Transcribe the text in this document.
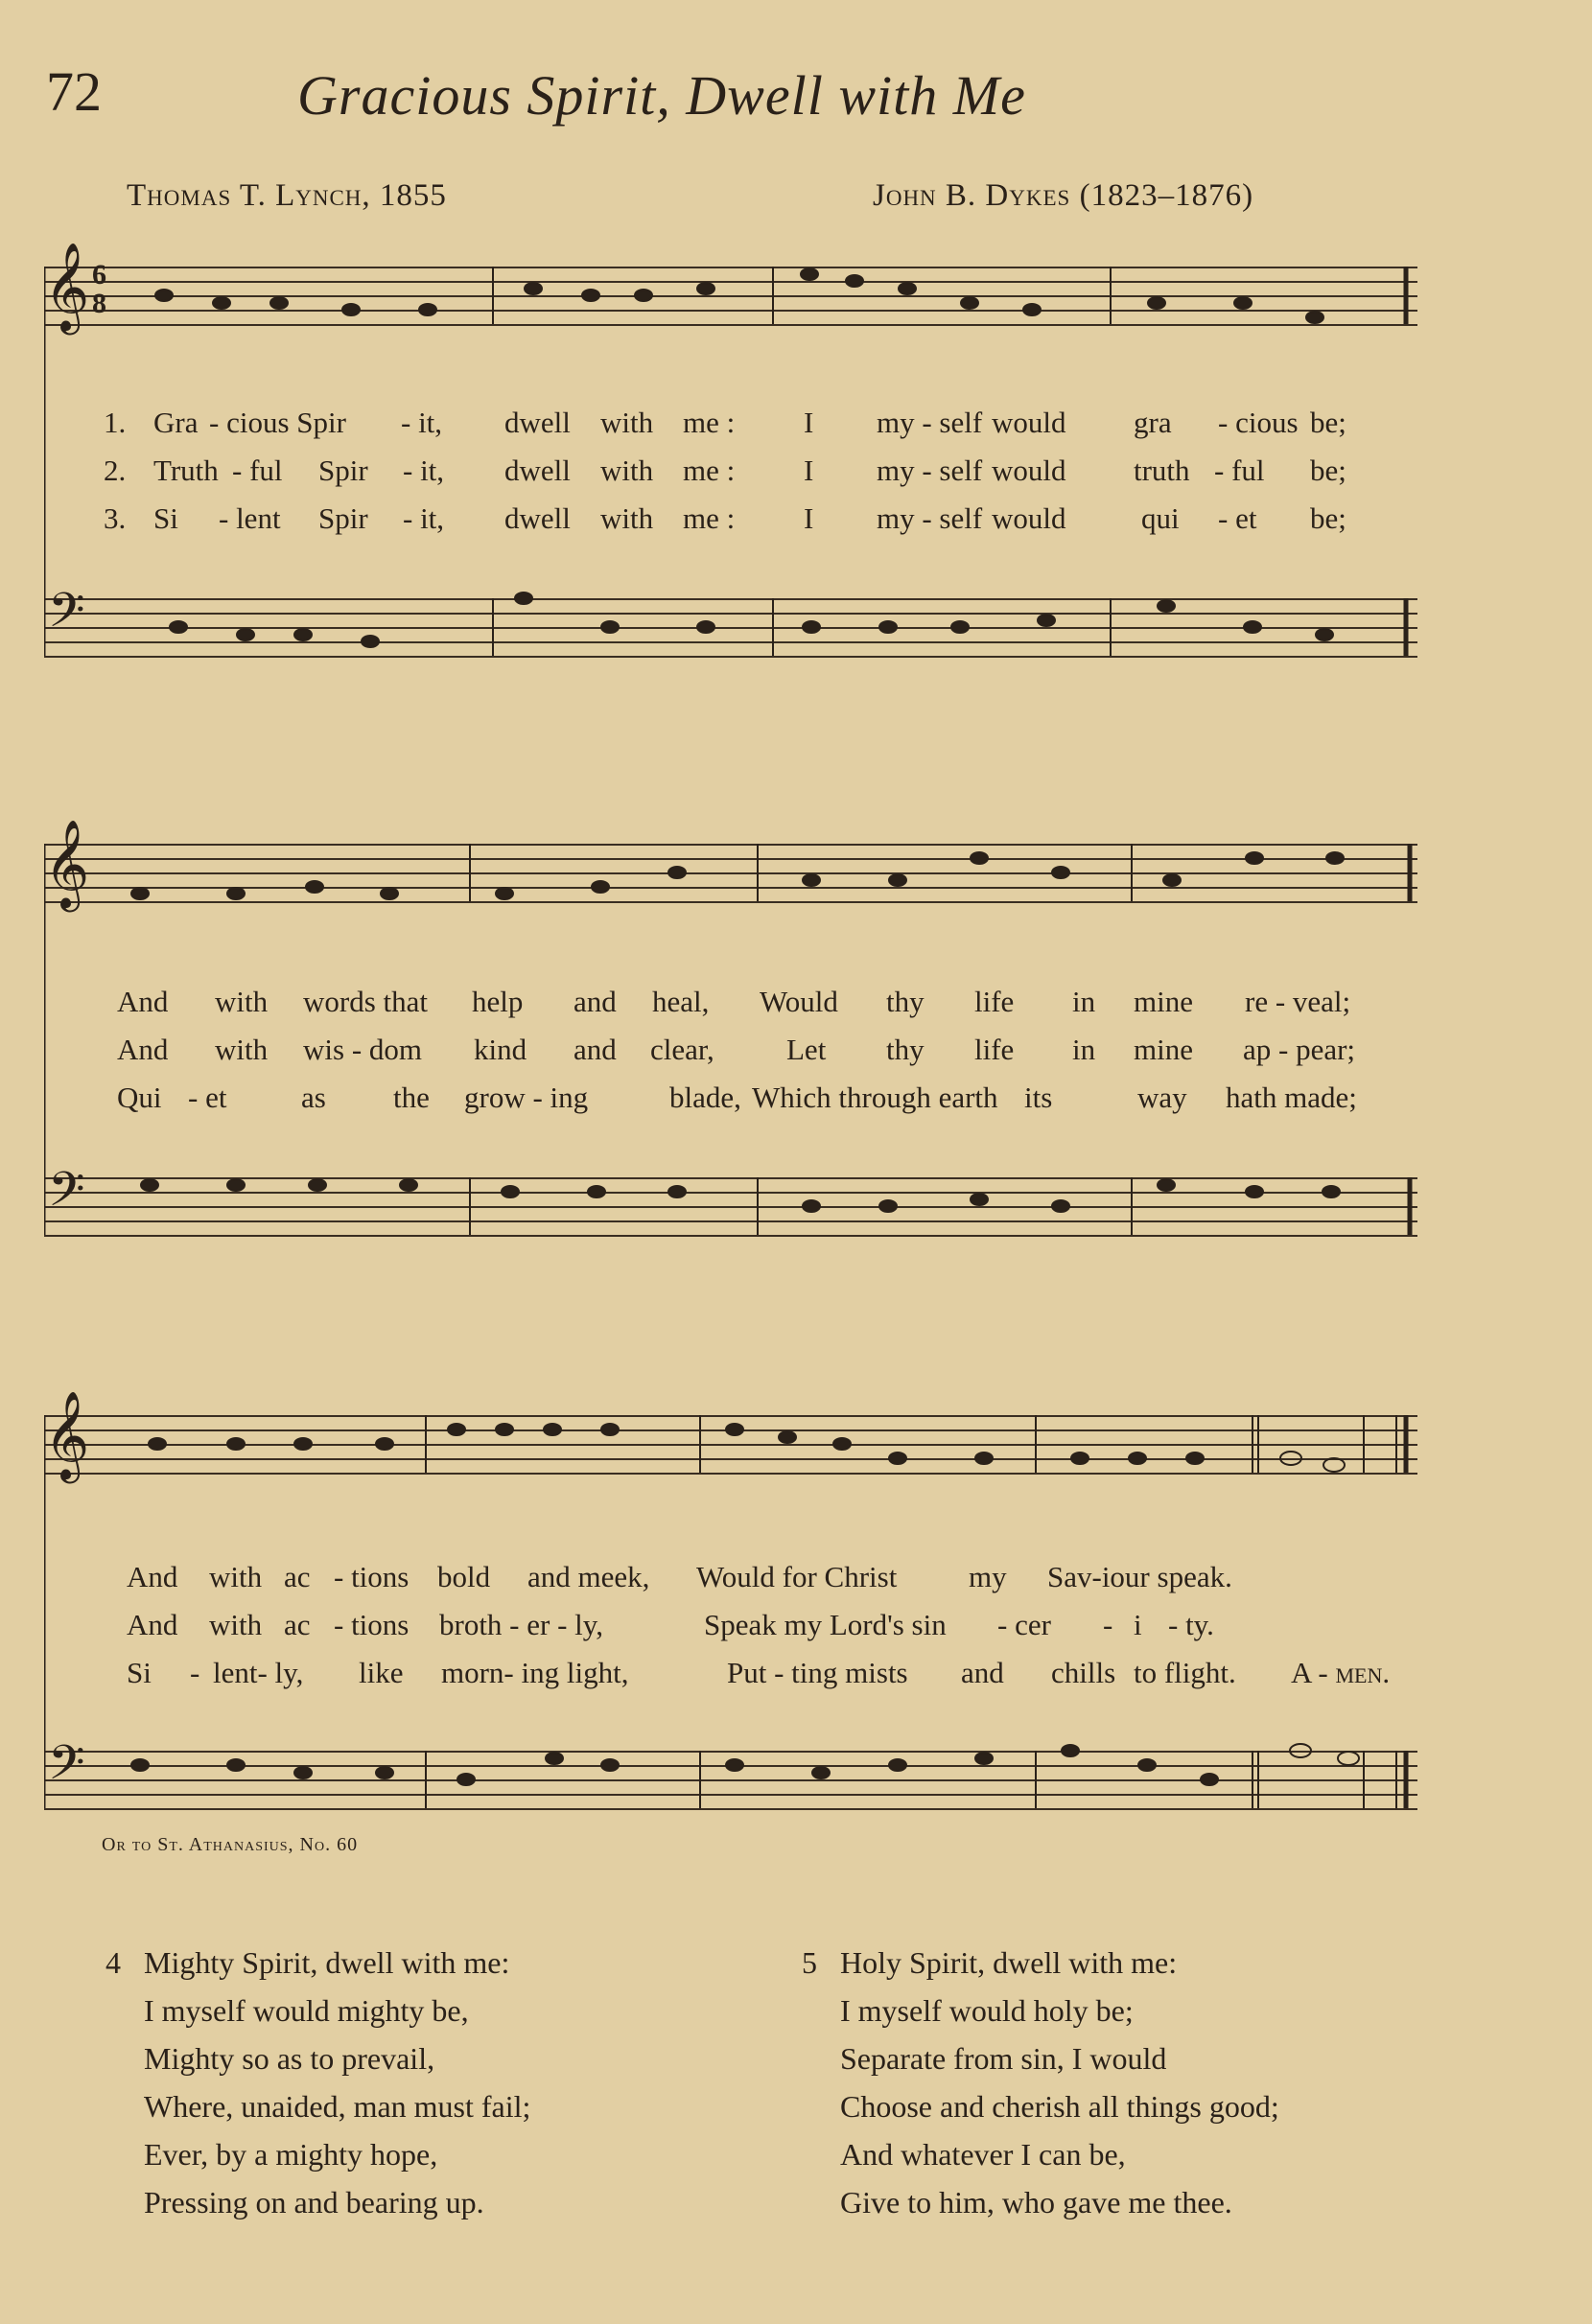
72	Gracious Spirit, Dwell with Me
Thomas T. Lynch, 1855	John B. Dykes (1823–1876)
𝄞 6
8
𝄢
1. Gra - cious Spir - it, dwell with me : I my - self would gra - cious be;
2. Truth - ful Spir - it, dwell with me : I my - self would truth - ful be;
3. Si - lent Spir - it, dwell with me : I my - self would	qui - et be;
𝄞
𝄢
And with words that help and heal, Would thy life in mine re - veal;
And with wis - dom kind and clear, Let thy life in mine ap - pear;
Qui - et	as the grow - ing	blade, Which through earth its	way hath made;
𝄞
𝄢
And with ac - tions bold and meek, Would for Christ my Sav-iour speak.
And with ac - tions broth - er - ly,	Speak my Lord's sin - cer - i - ty.
Si - lent- ly, like morn- ing light,	Put - ting mists and chills to flight. A - men.
Or to St. Athanasius, No. 60
4 Mighty Spirit, dwell with me:
I myself would mighty be,
Mighty so as to prevail,
Where, unaided, man must fail;
Ever, by a mighty hope,
Pressing on and bearing up.
5 Holy Spirit, dwell with me:
I myself would holy be;
Separate from sin, I would
Choose and cherish all things good;
And whatever I can be,
Give to him, who gave me thee.
